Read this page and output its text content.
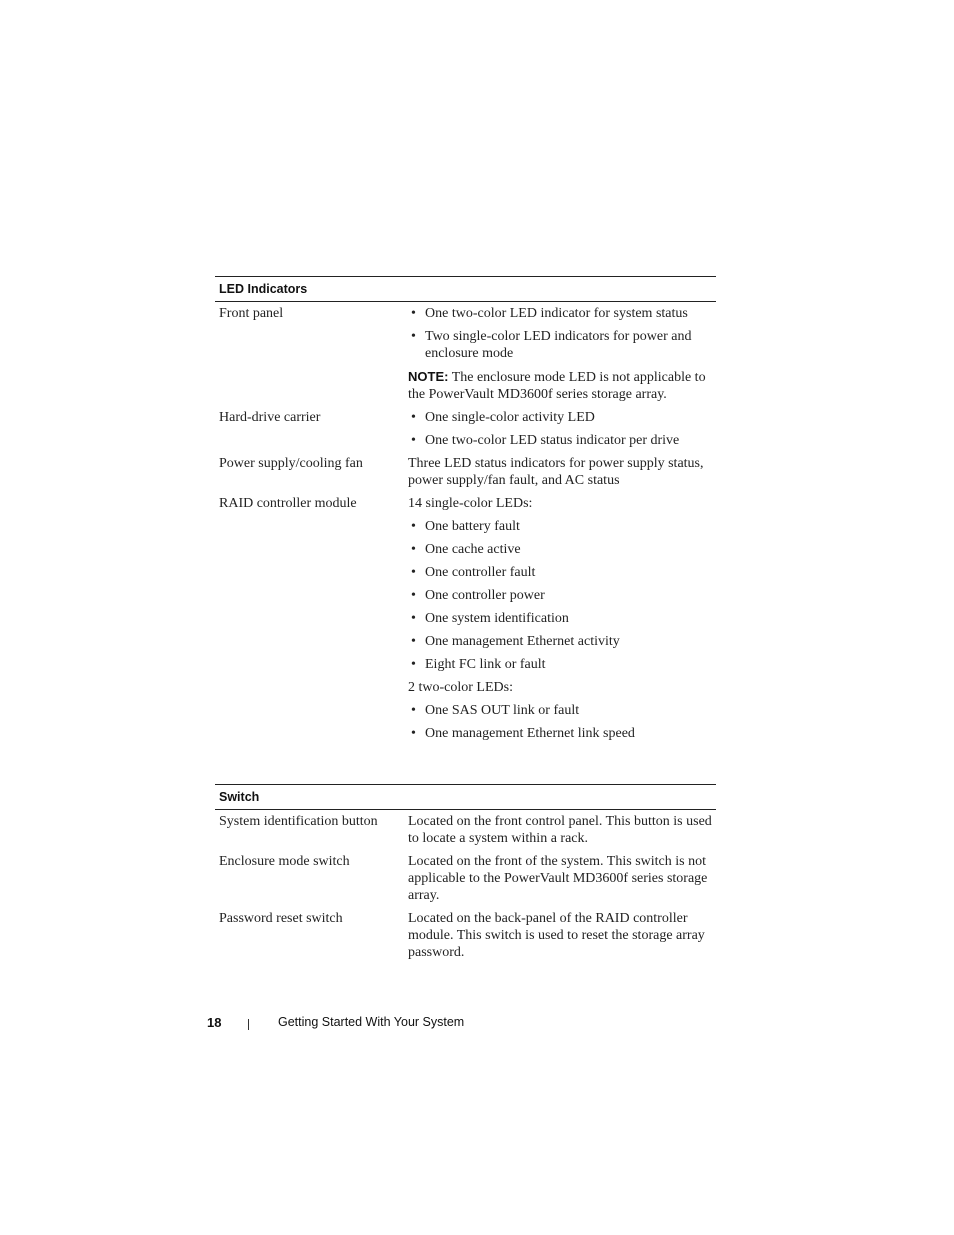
LED Indicators
Front panel	• One two-color LED indicator for system status
• Two single-color LED indicators for power and enclosure mode
NOTE: The enclosure mode LED is not applicable to the PowerVault MD3600f series storage array.
Hard-drive carrier	• One single-color activity LED
• One two-color LED status indicator per drive
Power supply/cooling fan	Three LED status indicators for power supply status, power supply/fan fault, and AC status
RAID controller module	14 single-color LEDs:
• One battery fault
• One cache active
• One controller fault
• One controller power
• One system identification
• One management Ethernet activity
• Eight FC link or fault
2 two-color LEDs:
• One SAS OUT link or fault
• One management Ethernet link speed
Switch
System identification button	Located on the front control panel. This button is used to locate a system within a rack.
Enclosure mode switch	Located on the front of the system. This switch is not applicable to the PowerVault MD3600f series storage array.
Password reset switch	Located on the back-panel of the RAID controller module. This switch is used to reset the storage array password.
18	Getting Started With Your System
